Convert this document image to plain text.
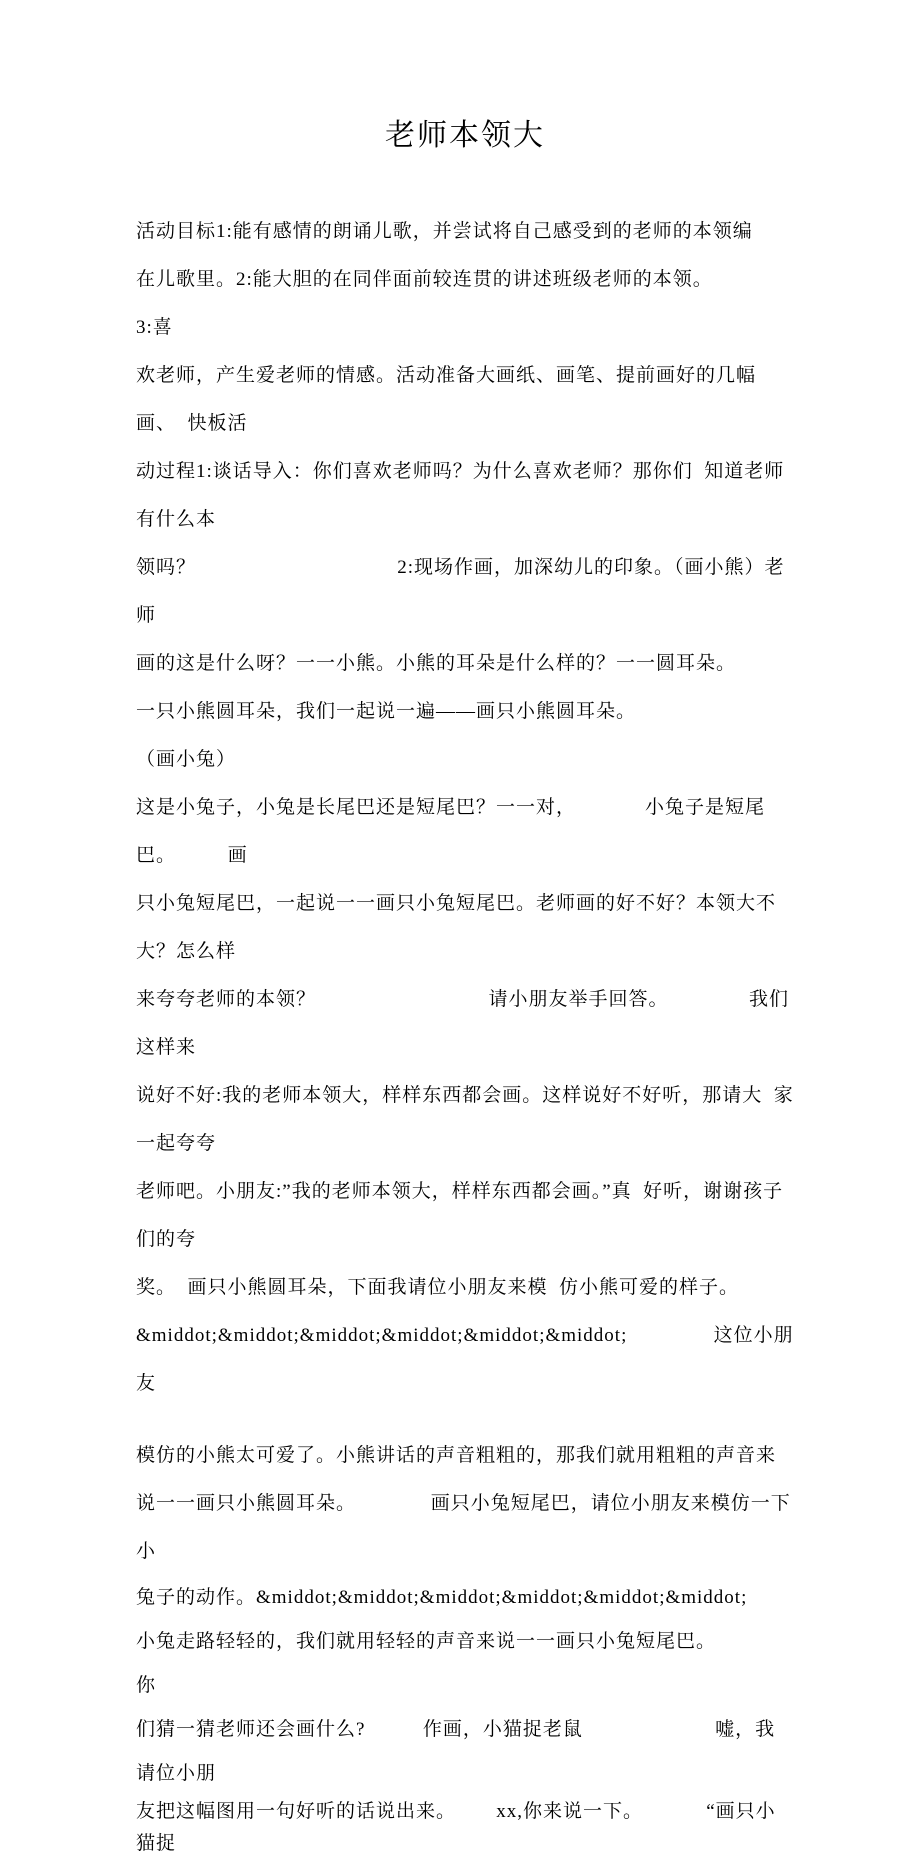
老师本领大

活动目标1:能有感情的朗诵儿歌，并尝试将自己感受到的老师的本领编

在儿歌里。2:能大胆的在同伴面前较连贯的讲述班级老师的本领。                    3:喜

欢老师，产生爱老师的情感。活动准备大画纸、画笔、提前画好的几幅画、  快板活

动过程1:谈话导入：你们喜欢老师吗？为什么喜欢老师？那你们  知道老师有什么本

领吗？                                   2:现场作画，加深幼儿的印象。（画小熊）老师

画的这是什么呀？一一小熊。小熊的耳朵是什么样的？一一圆耳朵。

一只小熊圆耳朵，我们一起说一遍——画只小熊圆耳朵。                             （画小兔）

这是小兔子，小兔是长尾巴还是短尾巴？一一对，            小兔子是短尾巴。         画

只小兔短尾巴，一起说一一画只小兔短尾巴。老师画的好不好？本领大不  大？怎么样

来夸夸老师的本领？                              请小朋友举手回答。              我们这样来

说好不好:我的老师本领大，样样东西都会画。这样说好不好听，那请大  家一起夸夸

老师吧。小朋友:”我的老师本领大，样样东西都会画。”真  好听，谢谢孩子们的夸

奖。  画只小熊圆耳朵，下面我请位小朋友来模  仿小熊可爱的样子。

&middot;&middot;&middot;&middot;&middot;&middot;               这位小朋友

模仿的小熊太可爱了。小熊讲话的声音粗粗的，那我们就用粗粗的声音来

说一一画只小熊圆耳朵。             画只小兔短尾巴，请位小朋友来模仿一下小

兔子的动作。&middot;&middot;&middot;&middot;&middot;&middot;

小兔走路轻轻的，我们就用轻轻的声音来说一一画只小兔短尾巴。                         你

们猜一猜老师还会画什么?          作画，小猫捉老鼠                       嘘，我请位小朋

友把这幅图用一句好听的话说出来。       xx,你来说一下。           “画只小猫捉
